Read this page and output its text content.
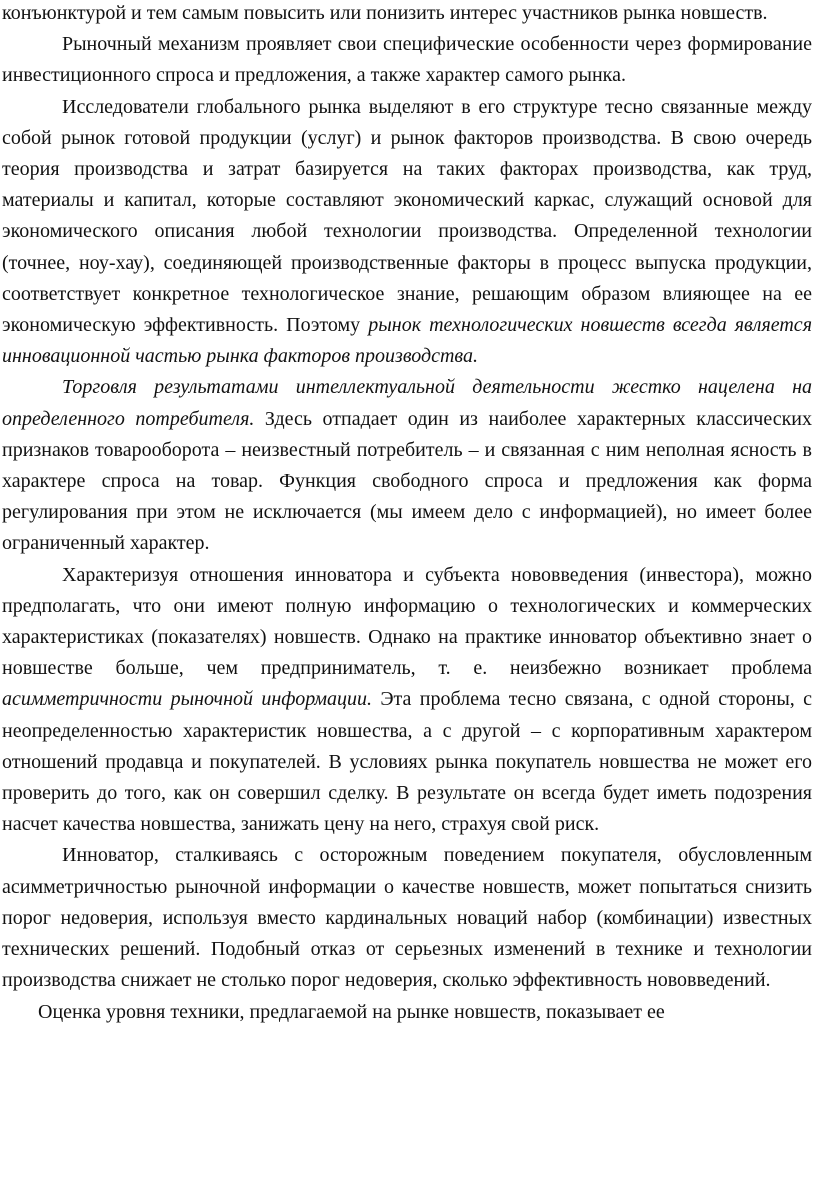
конъюнктурой и тем самым повысить или понизить интерес участников рынка новшеств.

Рыночный механизм проявляет свои специфические особенности через формирование инвестиционного спроса и предложения, а также характер самого рынка.

Исследователи глобального рынка выделяют в его структуре тесно связанные между собой рынок готовой продукции (услуг) и рынок факторов производства. В свою очередь теория производства и затрат базируется на таких факторах производства, как труд, материалы и капитал, которые составляют экономический каркас, служащий основой для экономического описания любой технологии производства. Определенной технологии (точнее, ноу-хау), соединяющей производственные факторы в процесс выпуска продукции, соответствует конкретное технологическое знание, решающим образом влияющее на ее экономическую эффективность. Поэтому рынок технологических новшеств всегда является инновационной частью рынка факторов производства.

Торговля результатами интеллектуальной деятельности жестко нацелена на определенного потребителя. Здесь отпадает один из наиболее характерных классических признаков товарооборота – неизвестный потребитель – и связанная с ним неполная ясность в характере спроса на товар. Функция свободного спроса и предложения как форма регулирования при этом не исключается (мы имеем дело с информацией), но имеет более ограниченный характер.

Характеризуя отношения инноватора и субъекта нововведения (инвестора), можно предполагать, что они имеют полную информацию о технологических и коммерческих характеристиках (показателях) новшеств. Однако на практике инноватор объективно знает о новшестве больше, чем предприниматель, т. е. неизбежно возникает проблема асимметричности рыночной информации. Эта проблема тесно связана, с одной стороны, с неопределенностью характеристик новшества, а с другой – с корпоративным характером отношений продавца и покупателей. В условиях рынка покупатель новшества не может его проверить до того, как он совершил сделку. В результате он всегда будет иметь подозрения насчет качества новшества, занижать цену на него, страхуя свой риск.

Инноватор, сталкиваясь с осторожным поведением покупателя, обусловленным асимметричностью рыночной информации о качестве новшеств, может попытаться снизить порог недоверия, используя вместо кардинальных новаций набор (комбинации) известных технических решений. Подобный отказ от серьезных изменений в технике и технологии производства снижает не столько порог недоверия, сколько эффективность нововведений.

Оценка уровня техники, предлагаемой на рынке новшеств, показывает ее
